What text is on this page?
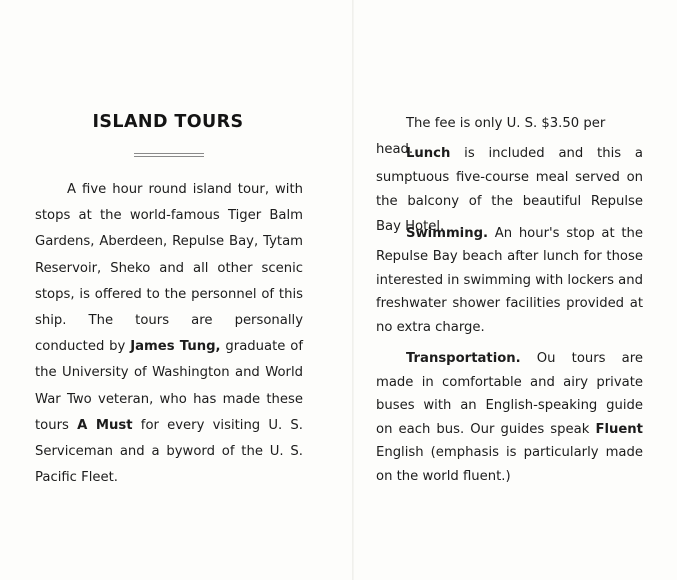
ISLAND TOURS

A five hour round island tour, with stops at the world-famous Tiger Balm Gardens, Aberdeen, Repulse Bay, Tytam Reservoir, Sheko and all other scenic stops, is offered to the personnel of this ship. The tours are personally conducted by James Tung, graduate of the University of Washington and World War Two veteran, who has made these tours A Must for every visiting U. S. Serviceman and a byword of the U. S. Pacific Fleet.

The fee is only U. S. $3.50 per head.

Lunch is included and this a sumptuous five-course meal served on the balcony of the beautiful Repulse Bay Hotel.

Swimming. An hour's stop at the Repulse Bay beach after lunch for those interested in swimming with lockers and freshwater shower facilities provided at no extra charge.

Transportation. Ou tours are made in comfortable and airy private buses with an English-speaking guide on each bus. Our guides speak Fluent English (emphasis is particularly made on the world fluent.)
